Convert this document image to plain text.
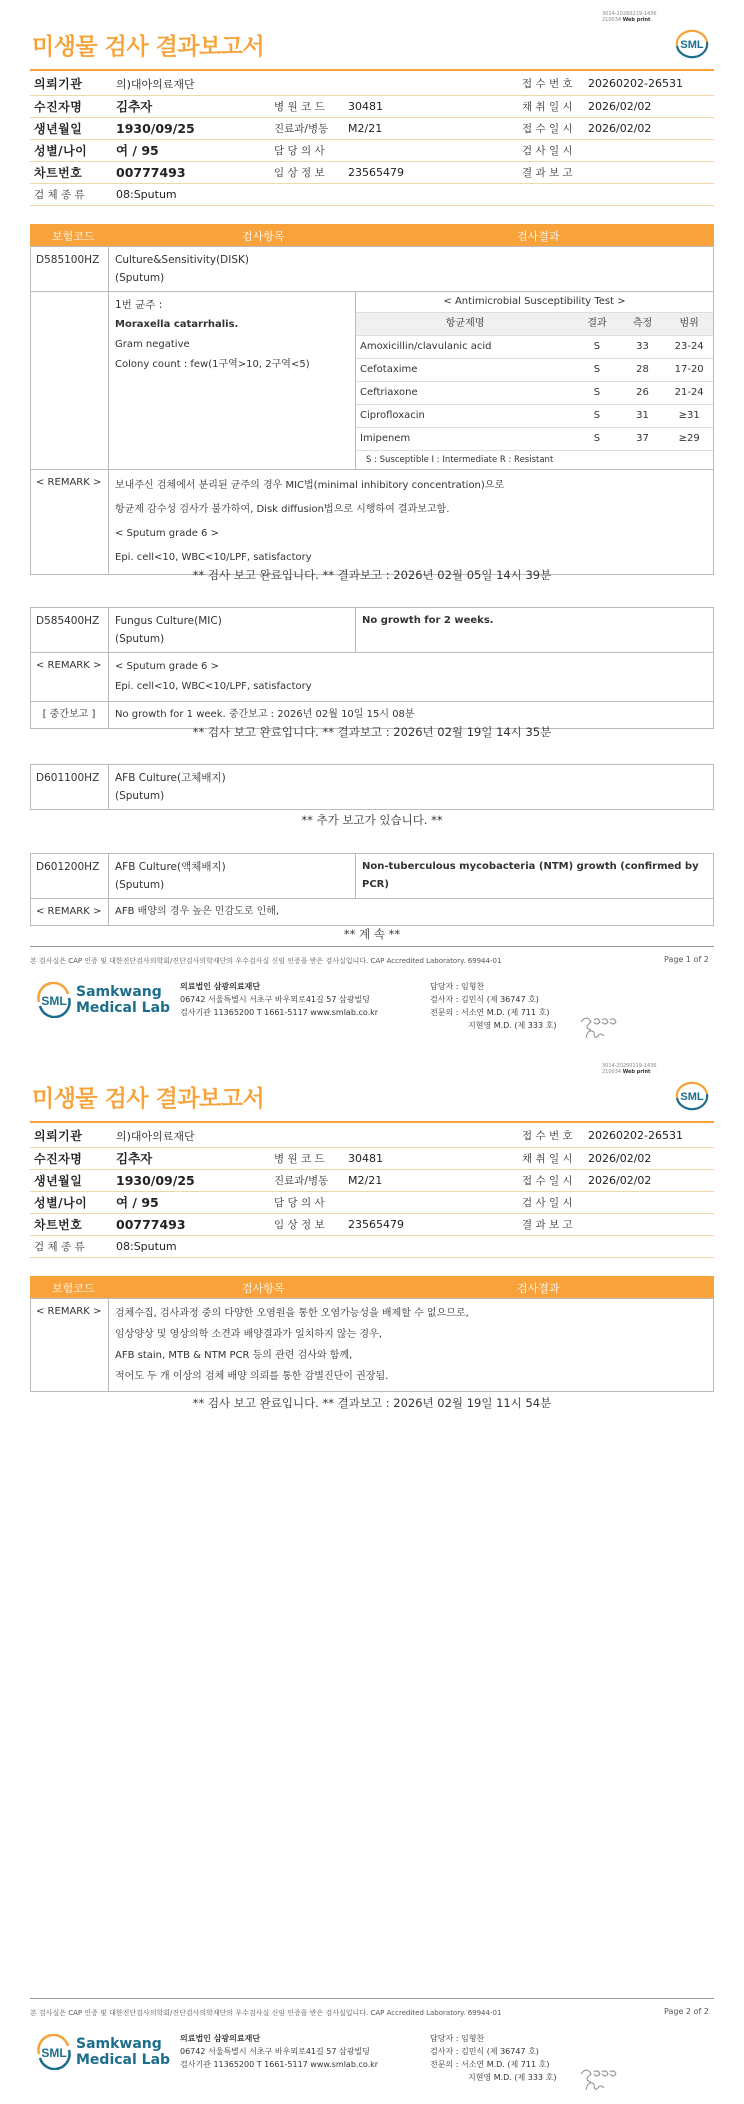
3014-20260219-1436
210034 Web print
미생물 검사 결과보고서	SML
의뢰기관	의)대아의료재단			접 수 번 호	20260202-26531
수진자명	김추자	병 원 코 드	30481	채 취 일 시	2026/02/02
생년월일	1930/09/25	진료과/병동	M2/21	접 수 일 시	2026/02/02
성별/나이	여 / 95	담 당 의 사		검 사 일 시	
차트번호	00777493	임 상 정 보	23565479	결 과 보 고	
검 체 종 류	08:Sputum				
보험코드	검사항목	검사결과
D585100HZ	Culture&Sensitivity(DISK)
(Sputum)

1번 균주 :
Moraxella catarrhalis.
Gram negative
Colony count : few(1구역>10, 2구역<5)

< Antimicrobial Susceptibility Test >
항균제명	결과	측정	범위
Amoxicillin/clavulanic acid	S	33	23-24
Cefotaxime	S	28	17-20
Ceftriaxone	S	26	21-24
Ciprofloxacin	S	31	≥31
Imipenem	S	37	≥29
S : Susceptible I : Intermediate R : Resistant

< REMARK >	보내주신 검체에서 분리된 균주의 경우 MIC법(minimal inhibitory concentration)으로
항균제 감수성 검사가 불가하여, Disk diffusion법으로 시행하여 결과보고함.
< Sputum grade 6 >
Epi. cell<10, WBC<10/LPF, satisfactory
** 검사 보고 완료입니다. ** 결과보고 : 2026년 02월 05일 14시 39분
D585400HZ	Fungus Culture(MIC)
(Sputum)	No growth for 2 weeks.
< REMARK >	< Sputum grade 6 >
Epi. cell<10, WBC<10/LPF, satisfactory	

[ 중간보고 ]	No growth for 1 week. 중간보고 : 2026년 02월 10일 15시 08분	
** 검사 보고 완료입니다. ** 결과보고 : 2026년 02월 19일 14시 35분
D601100HZ	AFB Culture(고체배지)
(Sputum)
** 추가 보고가 있습니다. **
D601200HZ	AFB Culture(액체배지)
(Sputum)	Non-tuberculous mycobacteria (NTM) growth (confirmed by PCR)
< REMARK >	AFB 배양의 경우 높은 민감도로 인해,	
** 계 속 **
본 검사실은 CAP 인증 및 대한진단검사의학회/진단검사의학재단의 우수검사실 신임 인증을 받은 검사실입니다. CAP Accredited Laboratory. 69944-01	Page 1 of 2
SML
Samkwang
Medical Lab
의료법인 삼광의료재단
06742 서울특별시 서초구 바우뫼로41길 57 삼광빌딩
검사기관 11365200 T 1661-5117 www.smlab.co.kr
담당자 : 임형찬
검사자 : 김민식 (제 36747 호)
전문의 : 서소연 M.D. (제 711 호)
지현영 M.D. (제 333 호)
3014-20260219-1436
210034 Web print
미생물 검사 결과보고서	SML
의뢰기관	의)대아의료재단			접 수 번 호	20260202-26531
수진자명	김추자	병 원 코 드	30481	채 취 일 시	2026/02/02
생년월일	1930/09/25	진료과/병동	M2/21	접 수 일 시	2026/02/02
성별/나이	여 / 95	담 당 의 사		검 사 일 시	
차트번호	00777493	임 상 정 보	23565479	결 과 보 고	
검 체 종 류	08:Sputum				
보험코드	검사항목	검사결과
< REMARK >	검체수집, 검사과정 중의 다양한 오염원을 통한 오염가능성을 배제할 수 없으므로,
임상양상 및 영상의학 소견과 배양결과가 일치하지 않는 경우,
AFB stain, MTB & NTM PCR 등의 관련 검사와 함께,
적어도 두 개 이상의 검체 배양 의뢰를 통한 감별진단이 권장됨.
** 검사 보고 완료입니다. ** 결과보고 : 2026년 02월 19일 11시 54분
본 검사실은 CAP 인증 및 대한진단검사의학회/진단검사의학재단의 우수검사실 신임 인증을 받은 검사실입니다. CAP Accredited Laboratory. 69944-01	Page 2 of 2
SML
Samkwang
Medical Lab
의료법인 삼광의료재단
06742 서울특별시 서초구 바우뫼로41길 57 삼광빌딩
검사기관 11365200 T 1661-5117 www.smlab.co.kr
담당자 : 임형찬
검사자 : 김민식 (제 36747 호)
전문의 : 서소연 M.D. (제 711 호)
지현영 M.D. (제 333 호)
